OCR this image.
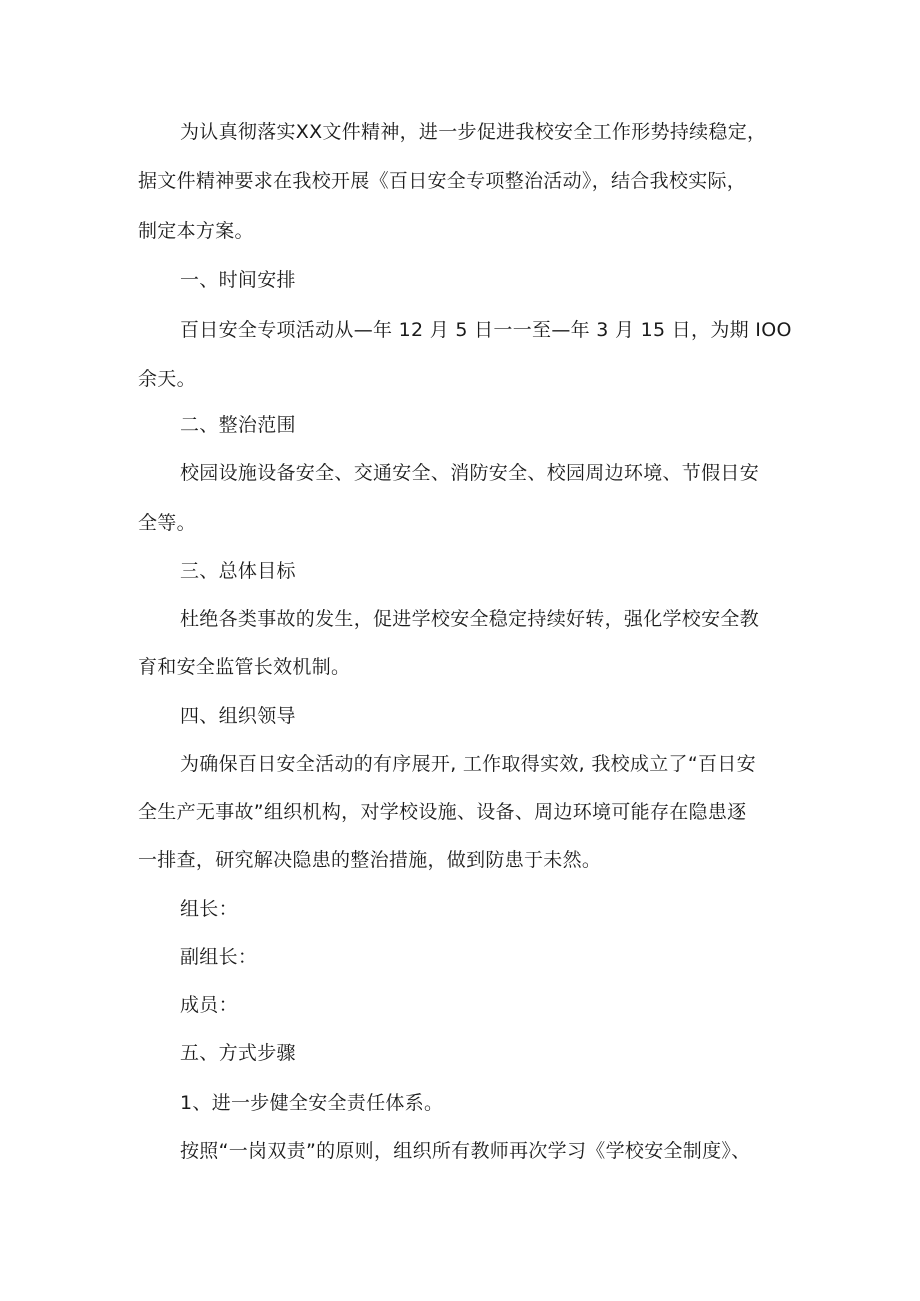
为认真彻落实XX文件精神，进一步促进我校安全工作形势持续稳定，
据文件精神要求在我校开展《百日安全专项整治活动》，结合我校实际，
制定本方案。
一、时间安排
百日安全专项活动从—年 12 月 5 日一一至—年 3 月 15 日，为期 IOO
余天。
二、整治范围
校园设施设备安全、交通安全、消防安全、校园周边环境、节假日安
全等。
三、总体目标
杜绝各类事故的发生，促进学校安全稳定持续好转，强化学校安全教
育和安全监管长效机制。
四、组织领导
为确保百日安全活动的有序展开, 工作取得实效, 我校成立了“百日安
全生产无事故”组织机构，对学校设施、设备、周边环境可能存在隐患逐
一排查，研究解决隐患的整治措施，做到防患于未然。
组长：
副组长：
成员：
五、方式步骤
1、进一步健全安全责任体系。
按照“一岗双责”的原则，组织所有教师再次学习《学校安全制度》、
